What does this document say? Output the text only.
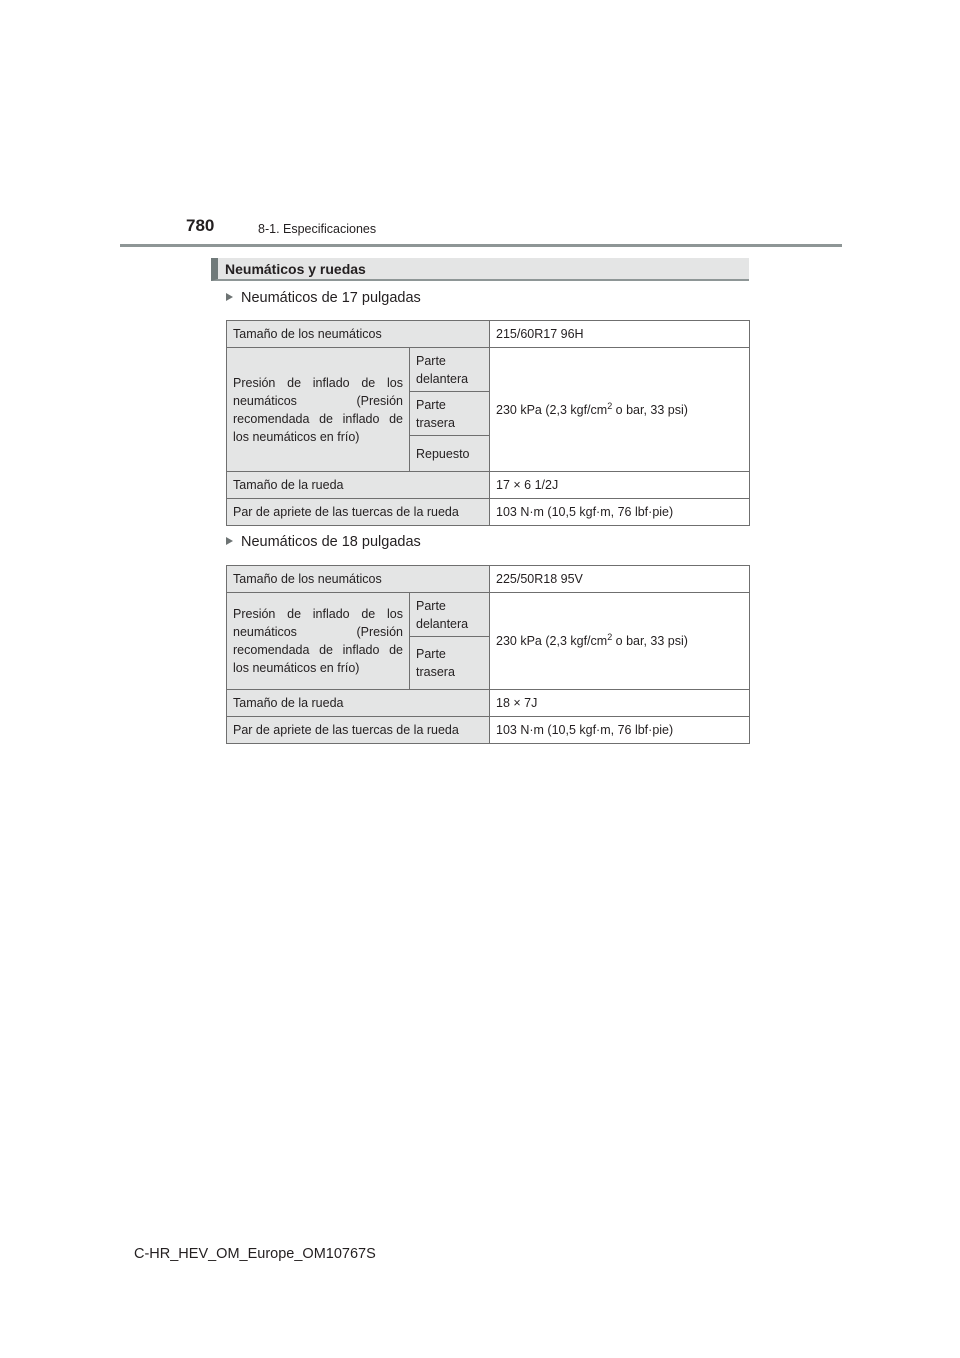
780	8-1. Especificaciones
Neumáticos y ruedas
Neumáticos de 17 pulgadas
Tamaño de los neumáticos		215/60R17 96H
Presión de inflado de los neumáticos (Presión recomendada de inflado de los neumáticos en frío)	Parte delantera	230 kPa (2,3 kgf/$cm^2$ o bar, 33 psi)
	Parte trasera	
	Repuesto	
Tamaño de la rueda		17 × 6 1/2J
Par de apriete de las tuercas de la rueda		103 N·m (10,5 kgf·m, 76 lbf·pie)
Neumáticos de 18 pulgadas
Tamaño de los neumáticos		225/50R18 95V
Presión de inflado de los neumáticos (Presión recomendada de inflado de los neumáticos en frío)	Parte delantera	230 kPa (2,3 kgf/$cm^2$ o bar, 33 psi)
	Parte trasera	
Tamaño de la rueda		18 × 7J
Par de apriete de las tuercas de la rueda		103 N·m (10,5 kgf·m, 76 lbf·pie)
C-HR_HEV_OM_Europe_OM10767S
